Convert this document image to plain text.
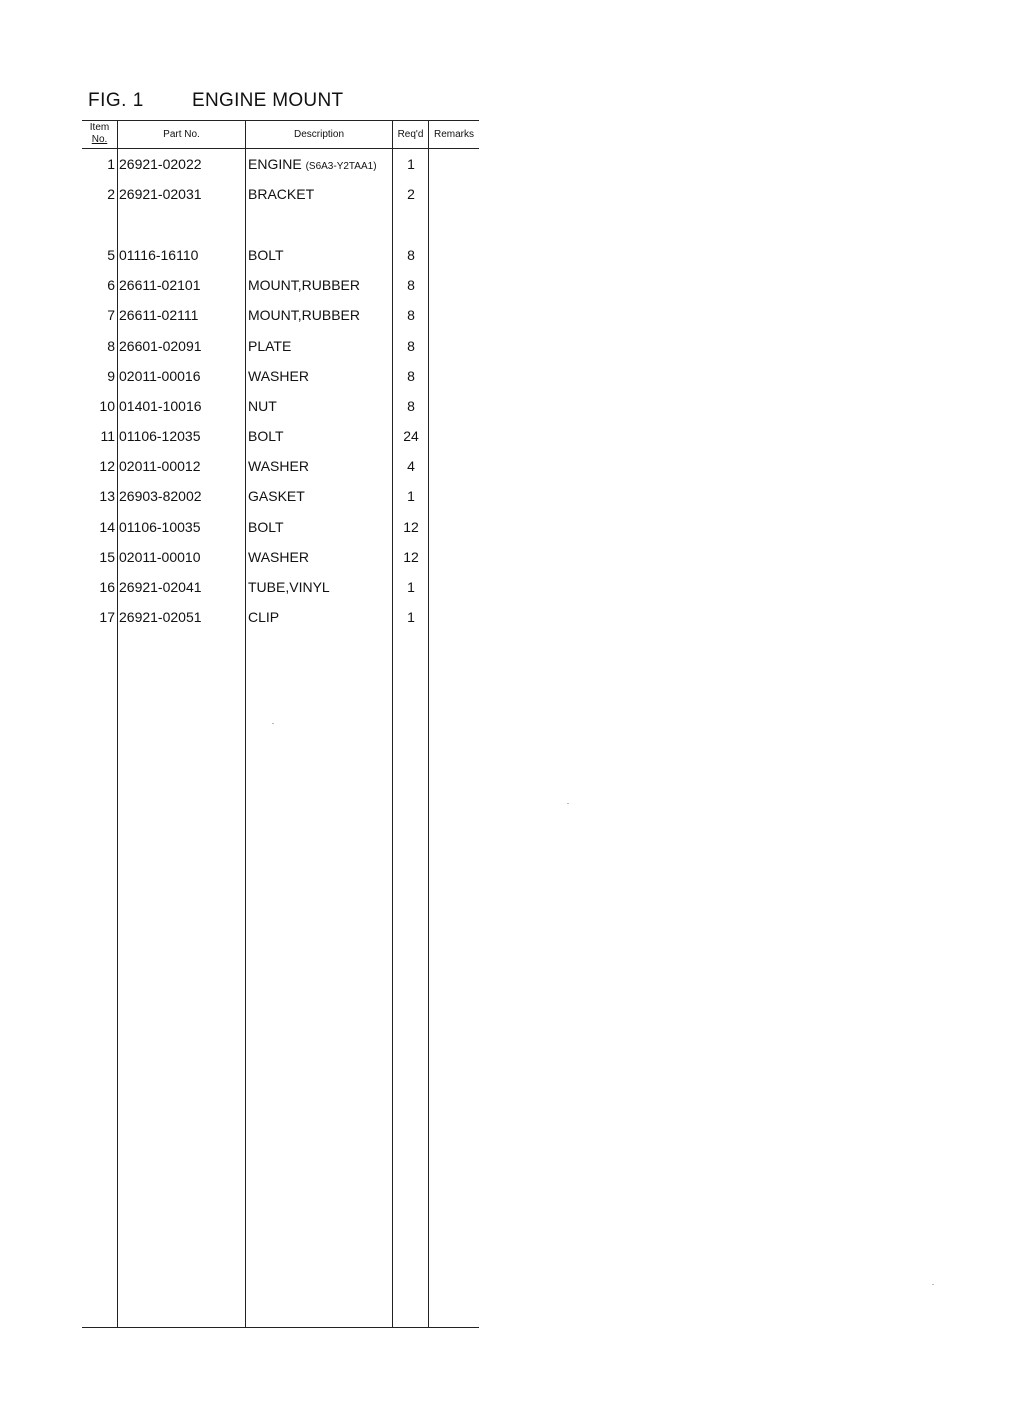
FIG. 1	ENGINE MOUNT
Item
No.	Part No.	Description	Req'd	Remarks
1 26921-02022	ENGINE (S6A3-Y2TAA1)	1
2 26921-02031	BRACKET	2
5 01116-16110	BOLT	8
6 26611-02101	MOUNT,RUBBER	8
7 26611-02111	MOUNT,RUBBER	8
8 26601-02091	PLATE	8
9 02011-00016	WASHER	8
10 01401-10016	NUT	8
11 01106-12035	BOLT	24
12 02011-00012	WASHER	4
13 26903-82002	GASKET	1
14 01106-10035	BOLT	12
15 02011-00010	WASHER	12
16 26921-02041	TUBE,VINYL	1
17 26921-02051	CLIP	1
